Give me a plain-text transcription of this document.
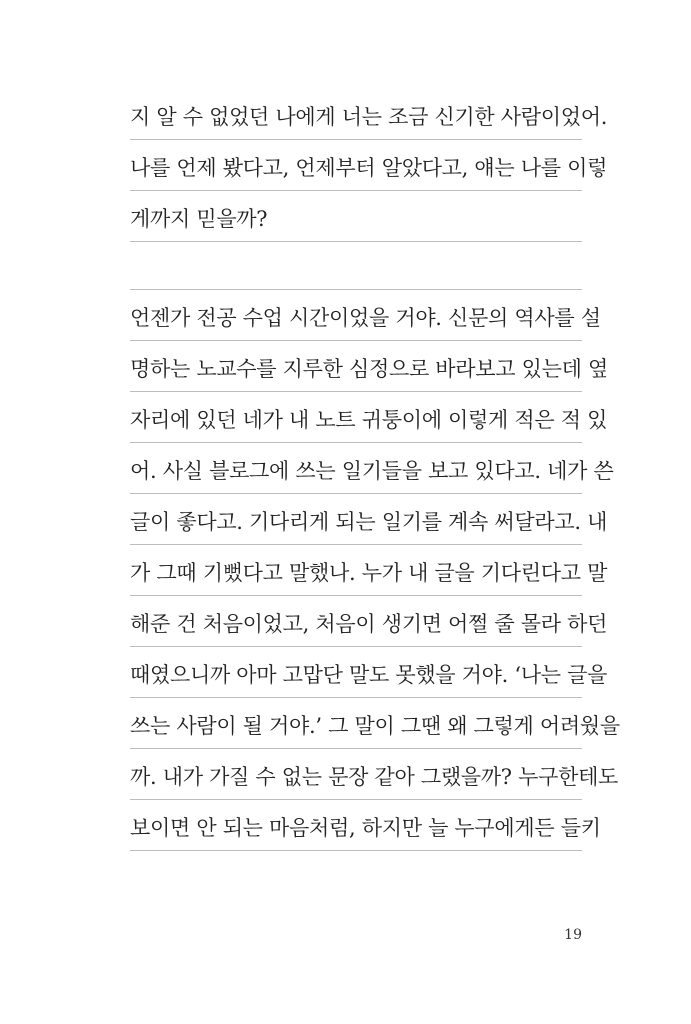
지 알 수 없었던 나에게 너는 조금 신기한 사람이었어.
나를 언제 봤다고, 언제부터 알았다고, 얘는 나를 이렇
게까지 믿을까?
언젠가 전공 수업 시간이었을 거야. 신문의 역사를 설
명하는 노교수를 지루한 심정으로 바라보고 있는데 옆
자리에 있던 네가 내 노트 귀퉁이에 이렇게 적은 적 있
어. 사실 블로그에 쓰는 일기들을 보고 있다고. 네가 쓴
글이 좋다고. 기다리게 되는 일기를 계속 써달라고. 내
가 그때 기뻤다고 말했나. 누가 내 글을 기다린다고 말
해준 건 처음이었고, 처음이 생기면 어쩔 줄 몰라 하던
때였으니까 아마 고맙단 말도 못했을 거야. ‘나는 글을
쓰는 사람이 될 거야.’ 그 말이 그땐 왜 그렇게 어려웠을
까. 내가 가질 수 없는 문장 같아 그랬을까? 누구한테도
보이면 안 되는 마음처럼, 하지만 늘 누구에게든 들키
19
